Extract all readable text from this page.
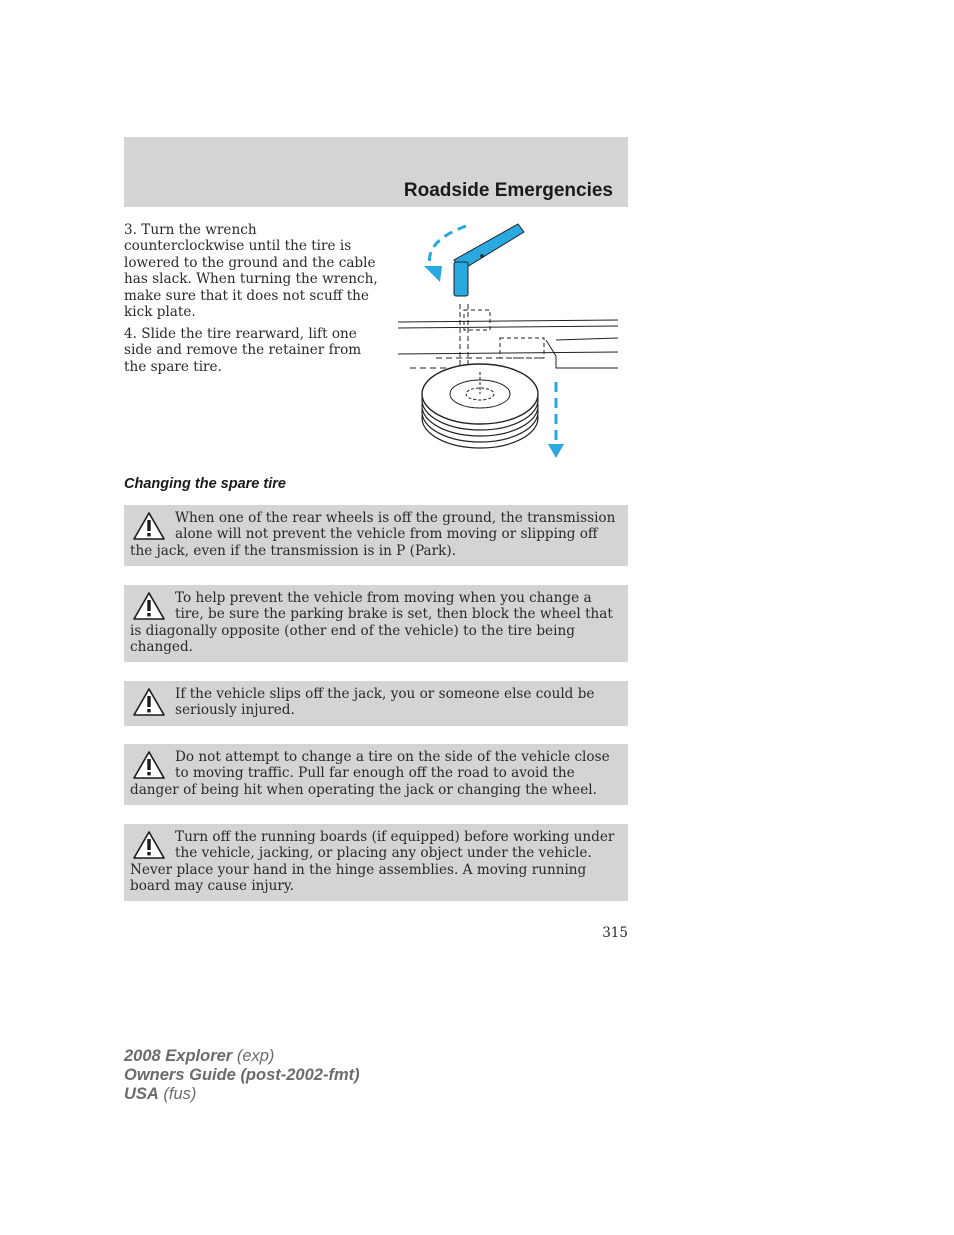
Roadside Emergencies

3. Turn the wrench counterclockwise until the tire is lowered to the ground and the cable has slack. When turning the wrench, make sure that it does not scuff the kick plate.

4. Slide the tire rearward, lift one side and remove the retainer from the spare tire.

Changing the spare tire

When one of the rear wheels is off the ground, the transmission alone will not prevent the vehicle from moving or slipping off the jack, even if the transmission is in P (Park).

To help prevent the vehicle from moving when you change a tire, be sure the parking brake is set, then block the wheel that is diagonally opposite (other end of the vehicle) to the tire being changed.

If the vehicle slips off the jack, you or someone else could be seriously injured.

Do not attempt to change a tire on the side of the vehicle close to moving traffic. Pull far enough off the road to avoid the danger of being hit when operating the jack or changing the wheel.

Turn off the running boards (if equipped) before working under the vehicle, jacking, or placing any object under the vehicle. Never place your hand in the hinge assemblies. A moving running board may cause injury.

315
2008 Explorer (exp)
Owners Guide (post-2002-fmt)
USA (fus)
